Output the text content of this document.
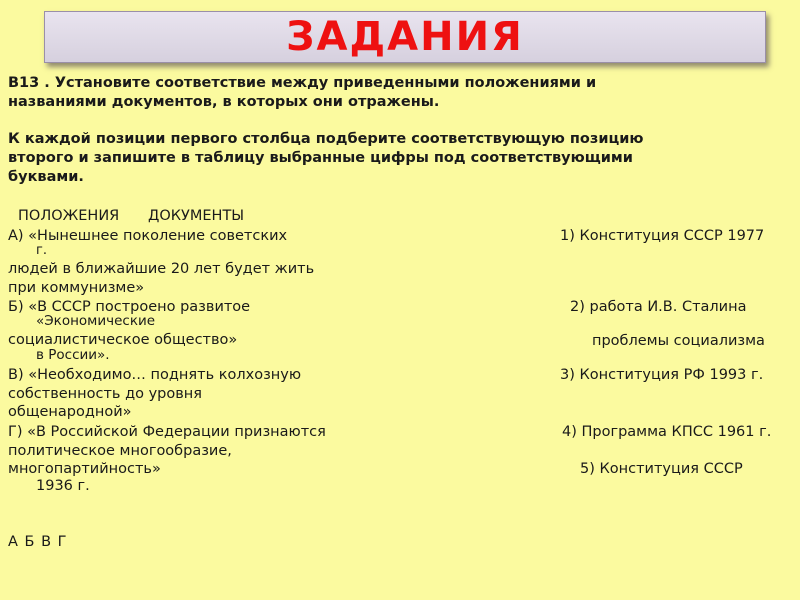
ЗАДАНИЯ

В13 . Установите соответствие между приведенными положениями и

названиями документов, в которых они отражены.

К каждой позиции первого столбца подберите соответствующую позицию

второго и запишите в таблицу выбранные цифры под соответствующими

буквами.

ПОЛОЖЕНИЯ ДОКУМЕНТЫ
А) «Нынешнее поколение советских	1) Конституция СССР 1977
г.
людей в ближайшие 20 лет будет жить
при коммунизме»
Б) «В СССР построено развитое	2) работа И.В. Сталина
«Экономические
социалистическое общество»	проблемы социализма
в России».
В) «Необходимо… поднять колхозную	3) Конституция РФ 1993 г.
собственность до уровня
общенародной»
Г) «В Российской Федерации признаются	4) Программа КПСС 1961 г.
политическое многообразие,
многопартийность»	5) Конституция СССР
1936 г.
А Б В Г
